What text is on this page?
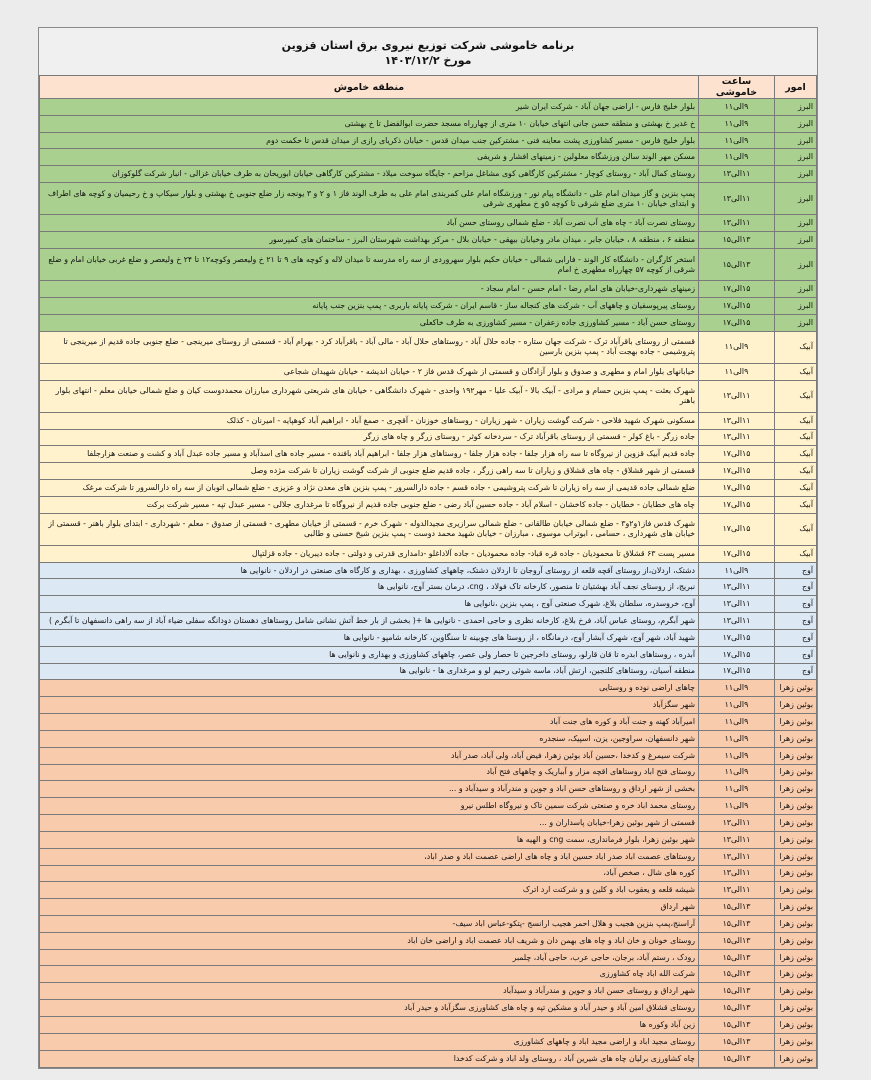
برنامه خاموشی شرکت توزیع نیروی برق استان قزوین
مورخ ۱۴۰۳/۱۲/۲
امور	ساعت خاموشی	منطقه خاموش
البرز	۹الی۱۱	بلوار خلیج فارس - اراضی جهان آباد - شرکت ایران شیر
البرز	۹الی۱۱	خ غدیر خ بهشتی و منطقه حسن جانی انتهای خیابان ۱۰ متری از چهارراه مسجد حضرت ابوالفضل تا خ بهشتی
البرز	۹الی۱۱	بلوار خلیج فارس - مسیر کشاورزی پشت معاینه فنی - مشترکین جنب میدان قدس - خیابان ذکریای رازی از میدان قدس تا حکمت دوم
البرز	۹الی۱۱	مسکن مهر الوند سالن ورزشگاه معلولین - زمینهای افشار و شریفی
البرز	۱۱الی۱۳	روستای کمال آباد - روستای کوچار - مشترکین کارگاهی کوی مشاغل مزاحم - جایگاه سوخت میلاد - مشترکین کارگاهی خیابان ابوریحان به طرف خیابان غزالی - انبار شرکت گلوکوزان
البرز	۱۱الی۱۳	پمپ بنزین و گاز میدان امام علی - دانشگاه پیام نور - ورزشگاه امام علی کمربندی امام علی به طرف الوند فاز ۱ و ۲ و ۳ یونجه زار ضلع جنوبی خ بهشتی و بلوار سیکاپ و خ رحیمیان و کوچه های اطراف و ابتدای خیابان ۱۰ متری ضلع شرقی تا کوچه ۵و خ مطهری شرقی
البرز	۱۱الی۱۳	روستای نصرت آباد - چاه های آب نصرت آباد - ضلع شمالی روستای حسن آباد
البرز	۱۳الی۱۵	منطقه ۶ ، منطقه ۸ ، خیابان جابر ، میدان مادر وخیابان بیهقی - خیابان بلال - مرکز بهداشت شهرستان البرز - ساختمان های کمپرسور
البرز	۱۳الی۱۵	استخر کارگران - دانشگاه کار الوند - فارابی شمالی - خیابان حکیم بلوار سهروردی از سه راه مدرسه تا میدان لاله و کوچه های ۹ تا ۲۱ خ ولیعصر وکوچه۱۲ تا ۲۴ خ ولیعصر و ضلع غربی خیابان امام و ضلع شرقی از کوچه ۵۷ چهارراه مطهری خ امام
البرز	۱۵الی۱۷	زمینهای شهرداری-خیابان های امام رضا - امام حسن - امام سجاد -
البرز	۱۵الی۱۷	روستای پیرپوسفیان و چاههای آب - شرکت های کنجاله ساز - قاسم ایران - شرکت پایانه باربری - پمپ بنزین جنب پایانه
البرز	۱۵الی۱۷	روستای حسن آباد - مسیر کشاورزی جاده زعفران - مسیر کشاورزی به طرف خاکعلی
آبیک	۹الی۱۱	قسمتی از روستای باقرآباد ترک - شرکت جهان ستاره - جاده حلال آباد - روستاهای حلال آباد - مالی آباد - باقرآباد کرد - بهرام آباد - قسمتی از روستای میرینجی - ضلع جنوبی جاده قدیم از میرینجی تا پتروشیمی - جاده بهجت آباد - پمپ بنزین بارسین
آبیک	۹الی۱۱	خیابانهای بلوار امام و مطهری و صدوق و بلوار آزادگان و قسمتی از شهرک قدس فاز ۲ - خیابان اندیشه - خیابان شهیدان شجاعی
آبیک	۱۱الی۱۳	شهرک بعثت - پمپ بنزین حسام و مرادی - آبیک بالا - آبیک علیا - مهر۱۹۲ واحدی - شهرک دانشگاهی - خیابان های شریعتی شهرداری مبارزان محمددوست کیان و ضلع شمالی خیابان معلم - انتهای بلوار باهنر
آبیک	۱۱الی۱۳	مسکونی شهرک شهید فلاحی - شرکت گوشت زیاران - شهر زیاران - روستاهای خوزنان - آقچری - صمغ آباد - ابراهیم آباد کوهپایه - امیرنان - کذلک
آبیک	۱۱الی۱۳	جاده زرگر - باغ کولر - قسمتی از روستای باقرآباد ترک - سردخانه کوثر - روستای زرگر و چاه های زرگر
آبیک	۱۵الی۱۷	جاده قدیم آبیک قزوین از نیروگاه تا سه راه هزار جلفا - جاده هزار جلفا - روستاهای هزار جلفا - ابراهیم آباد بافنده - مسیر جاده های اسدآباد و مسیر جاده عبدل آباد و کشت و صنعت هزارجلفا
آبیک	۱۵الی۱۷	قسمتی از شهر قشلاق - چاه های قشلاق و زیاران تا سه راهی زرگر ، جاده قدیم ضلع جنوبی از شرکت گوشت زیاران تا شرکت مژده وصل
آبیک	۱۵الی۱۷	ضلع شمالی جاده قدیمی از سه راه زیاران تا شرکت پتروشیمی - جاده قسم - جاده دارالسرور - پمپ بنزین های معدن نژاد و عزیزی - ضلع شمالی اتوبان از سه راه دارالسرور تا شرکت مرغک
آبیک	۱۵الی۱۷	چاه های خطایان - خطایان - جاده کاخشان - اسلام آباد - جاده حسین آباد رضی - ضلع جنوبی جاده قدیم از نیروگاه تا مرغداری جلالی - مسیر عبدل تپه - مسیر شرکت برکت
آبیک	۱۵الی۱۷	شهرک قدس فاز۱و۲و۳ - ضلع شمالی خیابان طالقانی - ضلع شمالی سرازیری مجیدالدوله - شهرک خرم - قسمتی از خیابان مطهری - قسمتی از صدوق - معلم - شهرداری - ابتدای بلوار باهنر - قسمتی از خیابان های شهرداری ، حسامی ، ابوتراب موسوی ، مبارزان - خیابان شهید محمد دوست - پمپ بنزین شیخ حسنی و طالبی
آبیک	۱۵الی۱۷	مسیر پست ۶۳ قشلاق تا محمودیان - جاده قره قباد- جاده محمودیان - جاده آلاداغلو -دامداری قدرتی و دولتی - جاده دیبریان - جاده قزلتپال
آوج	۹الی۱۱	دشتک، اردلان،از روستای آقچه قلعه از روستای آروجان تا اردلان دشتک، چاههای کشاورزی ، بهداری و کارگاه های صنعتی در اردلان - نانوایی ها
آوج	۱۱الی۱۳	نبریج، از روستای نجف آباد بهشتیان تا منصور، کارخانه تاک فولاد ، cng، درمان بستر آوج، نانوایی ها
آوج	۱۱الی۱۳	آوج، خروسدره، سلطان بلاغ، شهرک صنعتی آوج ، پمپ بنزین ،نانوایی ها
آوج	۱۱الی۱۳	شهر آبگرم، روستای عباس آباد، فرخ بلاغ، کارخانه نظری و حاجی احمدی - نانوایی ها +( بخشی از بار خط آتش نشانی شامل روستاهای دهستان دودانگه سفلی ضیاء آباد از سه راهی دانسفهان تا آبگرم )
آوج	۱۵الی۱۷	شهید آباد، شهر آوج، شهرک آبشار آوج، درمانگاه ، از روستا های چوبینه تا سنگاوین، کارخانه شامپو - نانوایی ها
آوج	۱۵الی۱۷	آبدره ، روستاهای ابدره تا قان قارلو، روستای داخرجین تا حصار ولی عصر، چاههای کشاورزی و بهداری و نانوایی ها
آوج	۱۵الی۱۷	منطقه آسیان، روستاهای کلنجین، ارتش آباد، ماسه شوئی رحیم لو و مرغداری ها - نانوایی ها
بوئین زهرا	۹الی۱۱	چاهای اراضی نوده و روستایی
بوئین زهرا	۹الی۱۱	شهر سگزآباد
بوئین زهرا	۹الی۱۱	امیرآباد کهنه و جنت آباد و کوره های جنت آباد
بوئین زهرا	۹الی۱۱	شهر دانسفهان، سراوجین، یزن، اسپیک، سنجدره
بوئین زهرا	۹الی۱۱	شرکت سیمرغ و کدخدا ،حسین آباد بوئین زهرا، فیض آباد، ولی آباد، صدر آباد
بوئین زهرا	۹الی۱۱	روستای فتح اباد روستاهای اقچه مزار و آبباریک و چاههای فتح آباد
بوئین زهرا	۹الی۱۱	بخشی از شهر ارداق و روستاهای حسن اباد و جوین و مندرآباد و سیدآباد و ...
بوئین زهرا	۹الی۱۱	روستای محمد اباد خره و صنعتی شرکت سمین تاک و نیروگاه اطلس نیرو
بوئین زهرا	۱۱الی۱۳	قسمتی از شهر بوئین زهرا-خیابان پاسداران و ...
بوئین زهرا	۱۱الی۱۳	شهر بوئین زهرا، بلوار فرمانداری، سمت cng و الهیه ها
بوئین زهرا	۱۱الی۱۳	روستاهای عصمت اباد صدر اباد حسین اباد و چاه های اراضی عصمت اباد و صدر اباد،
بوئین زهرا	۱۱الی۱۳	کوره های شال ، صخص آباد،
بوئین زهرا	۱۱الی۱۳	شیشه قلعه و یعقوب اباد و کلین و و شرکتت ارد اترک
بوئین زهرا	۱۳الی۱۵	شهر ارداق
بوئین زهرا	۱۳الی۱۵	آراسنج،پمپ بنزین هجیب و هلال احمر هجیب ارانسج -پتکو-عباس اباد سیف-
بوئین زهرا	۱۳الی۱۵	روستای خونان و خان اباد و چاه های بهمن دان و شریف اباد عصمت اباد و اراضی خان اباد
بوئین زهرا	۱۳الی۱۵	رودک ، رستم آباد، برجان، حاجی عرب، حاجی آباد، چلمبر
بوئین زهرا	۱۳الی۱۵	شرکت الله اباد چاه کشاورزی
بوئین زهرا	۱۳الی۱۵	شهر ارداق و روستای حسن اباد و جوین و مندرآباد و سیدآباد
بوئین زهرا	۱۳الی۱۵	روستای قشلاق امین آباد و حیدر آباد و مشکین تپه و چاه های کشاورزی سگزآباد و حیدر آباد
بوئین زهرا	۱۳الی۱۵	زین آباد وکوره ها
بوئین زهرا	۱۳الی۱۵	روستای مجید اباد و اراضی مجید اباد و چاههای کشاورزی
بوئین زهرا	۱۳الی۱۵	چاه کشاورزی برلیان چاه های شیرین آباد ، روستای ولد اباد و شرکت کدخدا
